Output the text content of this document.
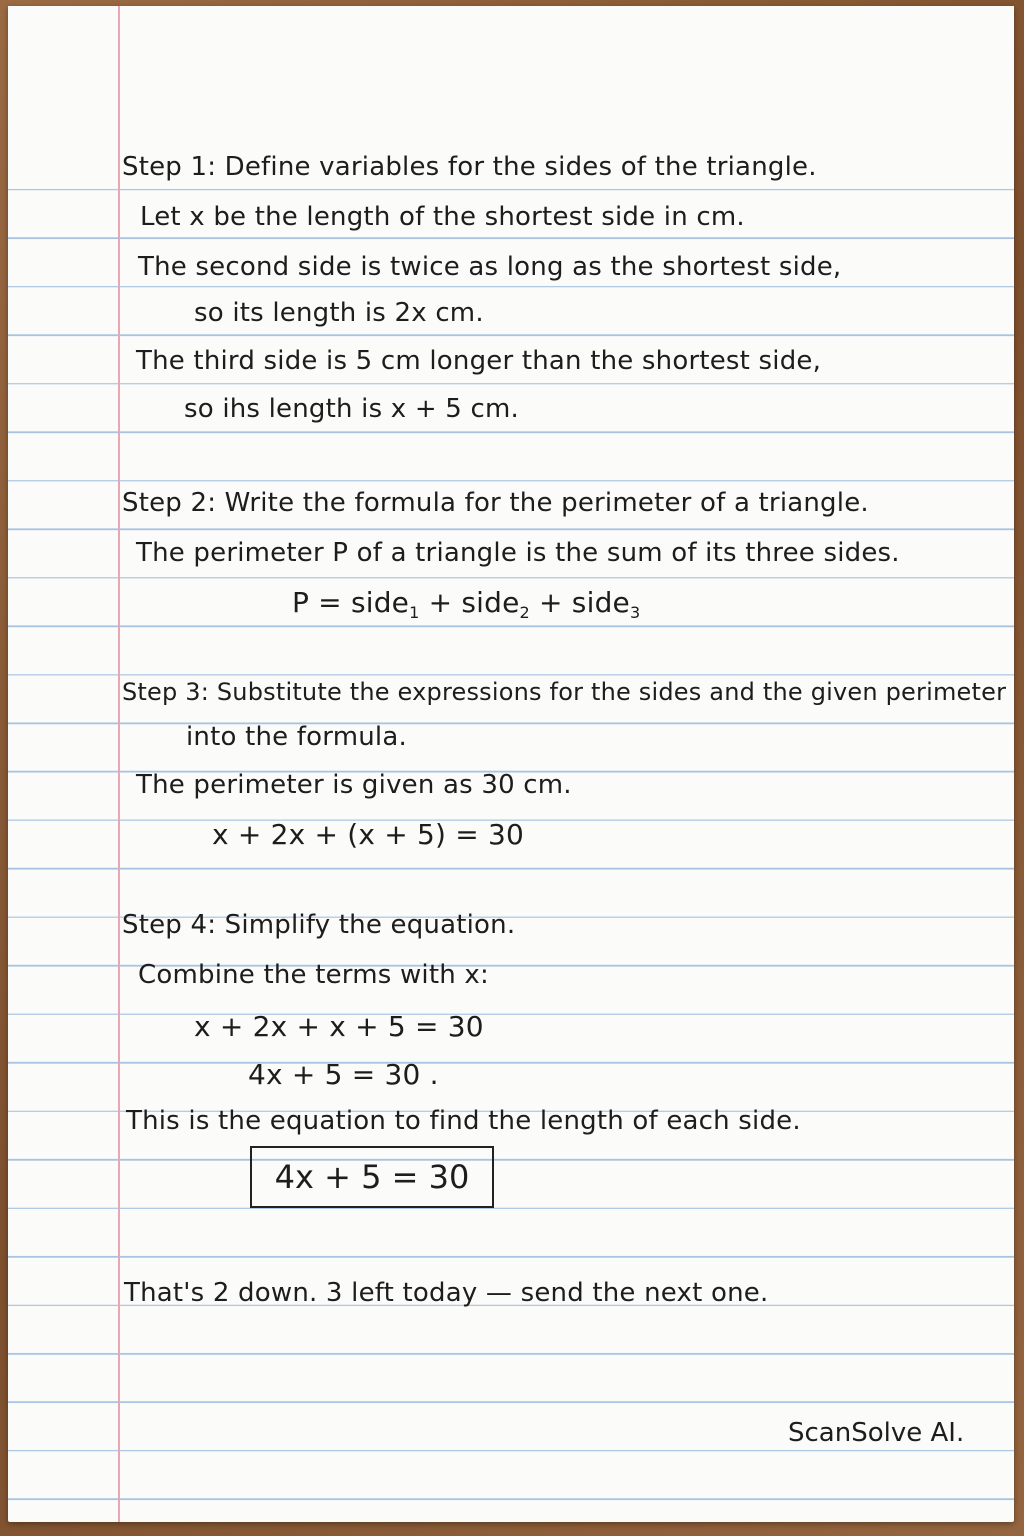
Step 1: Define variables for the sides of the triangle.
Let x be the length of the shortest side in cm.
The second side is twice as long as the shortest side,
so its length is 2x cm.
The third side is 5 cm longer than the shortest side,
so ihs length is x + 5 cm.
Step 2: Write the formula for the perimeter of a triangle.
The perimeter P of a triangle is the sum of its three sides.
P = side$_1$ + side$_2$ + side$_3$
Step 3: Substitute the expressions for the sides and the given perimeter
into the formula.
The perimeter is given as 30 cm.
x + 2x + (x + 5) = 30
Step 4: Simplify the equation.
Combine the terms with x:
x + 2x + x + 5 = 30
4x + 5 = 30 .
This is the equation to find the length of each side.
4x + 5 = 30
That's 2 down. 3 left today — send the next one.
ScanSolve AI.
